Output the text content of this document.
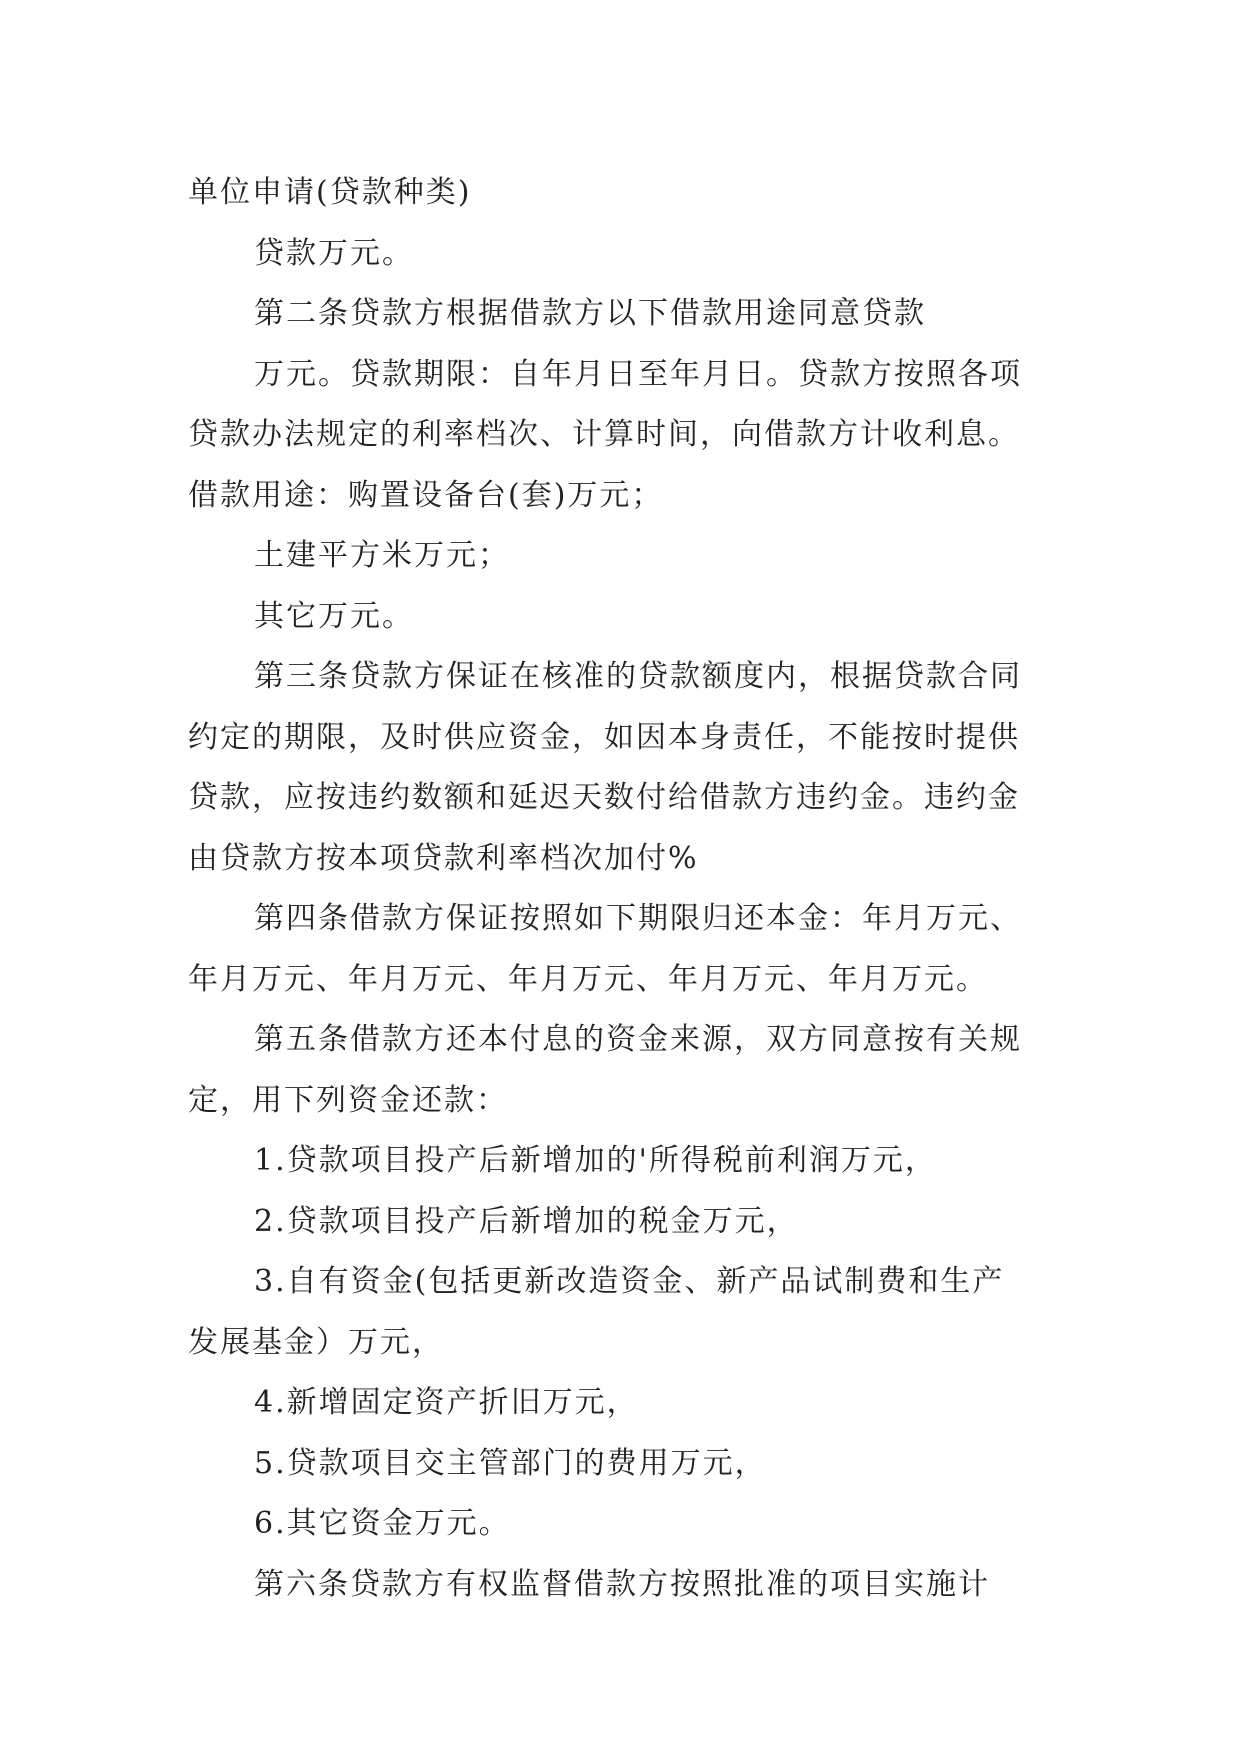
单位申请(贷款种类)
贷款万元。
第二条贷款方根据借款方以下借款用途同意贷款
万元。贷款期限：自年月日至年月日。贷款方按照各项
贷款办法规定的利率档次、计算时间，向借款方计收利息。
借款用途：购置设备台(套)万元；
土建平方米万元；
其它万元。
第三条贷款方保证在核准的贷款额度内，根据贷款合同
约定的期限，及时供应资金，如因本身责任，不能按时提供
贷款，应按违约数额和延迟天数付给借款方违约金。违约金
由贷款方按本项贷款利率档次加付%
第四条借款方保证按照如下期限归还本金：年月万元、
年月万元、年月万元、年月万元、年月万元、年月万元。
第五条借款方还本付息的资金来源，双方同意按有关规
定，用下列资金还款：
1.贷款项目投产后新增加的'所得税前利润万元，
2.贷款项目投产后新增加的税金万元，
3.自有资金(包括更新改造资金、新产品试制费和生产
发展基金）万元，
4.新增固定资产折旧万元，
5.贷款项目交主管部门的费用万元，
6.其它资金万元。
第六条贷款方有权监督借款方按照批准的项目实施计
